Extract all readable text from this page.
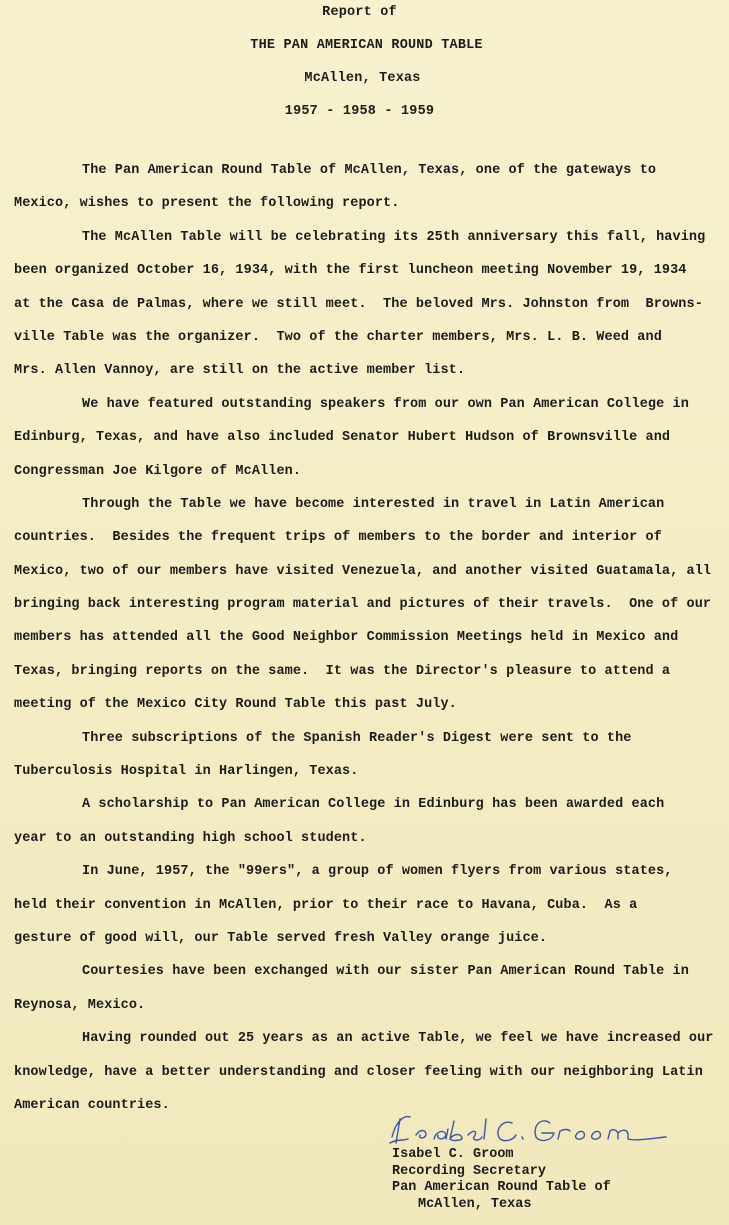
Report of
THE PAN AMERICAN ROUND TABLE
McAllen, Texas
1957 - 1958 - 1959
The Pan American Round Table of McAllen, Texas, one of the gateways to
Mexico, wishes to present the following report.
The McAllen Table will be celebrating its 25th anniversary this fall, having
been organized October 16, 1934, with the first luncheon meeting November 19, 1934
at the Casa de Palmas, where we still meet.  The beloved Mrs. Johnston from  Browns-
ville Table was the organizer.  Two of the charter members, Mrs. L. B. Weed and
Mrs. Allen Vannoy, are still on the active member list.
We have featured outstanding speakers from our own Pan American College in
Edinburg, Texas, and have also included Senator Hubert Hudson of Brownsville and
Congressman Joe Kilgore of McAllen.
Through the Table we have become interested in travel in Latin American
countries.  Besides the frequent trips of members to the border and interior of
Mexico, two of our members have visited Venezuela, and another visited Guatamala, all
bringing back interesting program material and pictures of their travels.  One of our
members has attended all the Good Neighbor Commission Meetings held in Mexico and
Texas, bringing reports on the same.  It was the Director's pleasure to attend a
meeting of the Mexico City Round Table this past July.
Three subscriptions of the Spanish Reader's Digest were sent to the
Tuberculosis Hospital in Harlingen, Texas.
A scholarship to Pan American College in Edinburg has been awarded each
year to an outstanding high school student.
In June, 1957, the "99ers", a group of women flyers from various states,
held their convention in McAllen, prior to their race to Havana, Cuba.  As a
gesture of good will, our Table served fresh Valley orange juice.
Courtesies have been exchanged with our sister Pan American Round Table in
Reynosa, Mexico.
Having rounded out 25 years as an active Table, we feel we have increased our
knowledge, have a better understanding and closer feeling with our neighboring Latin
American countries.
Isabel C. Groom
Recording Secretary
Pan American Round Table of
McAllen, Texas
